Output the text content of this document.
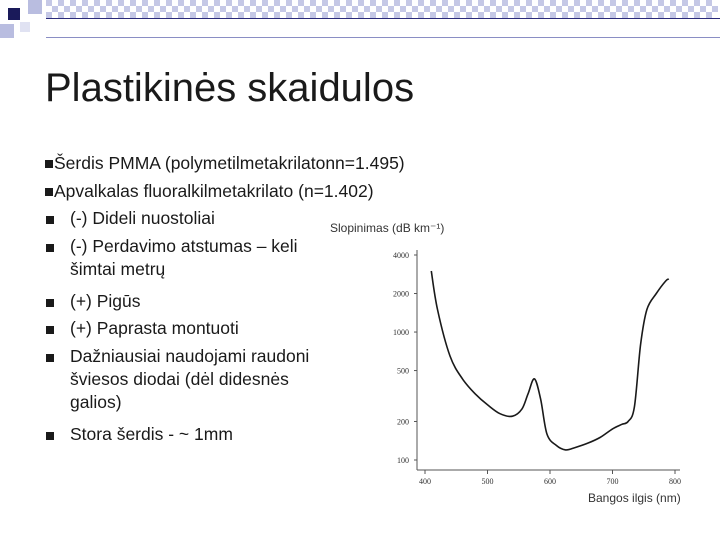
Plastikinės skaidulos
Šerdis PMMA (polymetilmetakrilatonn=1.495)
Apvalkalas fluoralkilmetakrilato (n=1.402)
(-) Dideli nuostoliai
(-) Perdavimo atstumas – keli
šimtai metrų
(+) Pigūs
(+) Paprasta montuoti
Dažniausiai naudojami raudoni
šviesos diodai (dėl didesnės
galios)
Stora šerdis - ~ 1mm
Slopinimas (dB km⁻¹)
Bangos ilgis (nm)
4000
2000
1000
500
200
100
400	500	600	700	800
